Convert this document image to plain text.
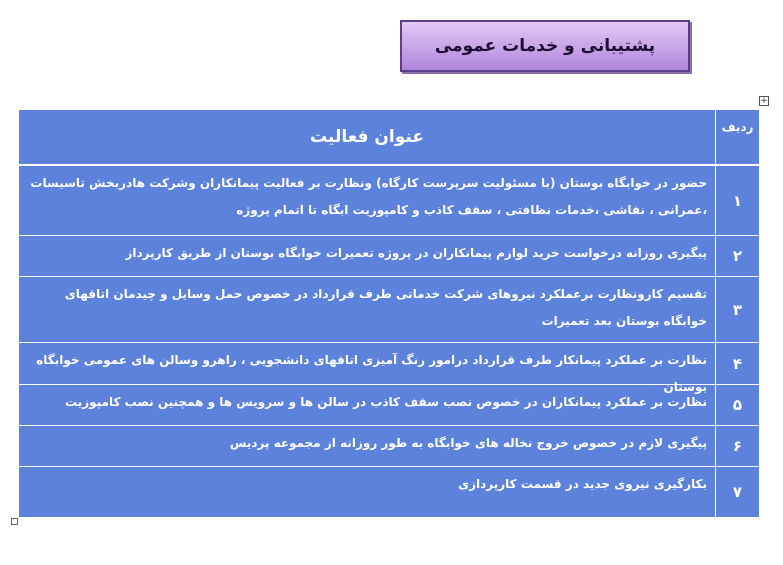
پشتیبانی و خدمات عمومی
+
ردیف
عنوان فعالیت
۱
حضور در خوابگاه بوستان (با مسئولیت سرپرست کارگاه) ونظارت بر فعالیت پیمانکاران وشرکت هادربخش تاسیسات ،عمرانی ، نقاشی ،خدمات نظافتی ، سقف کاذب و کامپوزیت ابگاه تا اتمام پروژه
۲
پیگیری روزانه درخواست خرید لوازم پیمانکاران در پروژه تعمیرات خوابگاه بوستان از طریق کارپرداز
۳
تقسیم کارونظارت برعملکرد نیروهای شرکت خدماتی طرف قرارداد در خصوص حمل وسایل و چیدمان اتاقهای خوابگاه بوستان بعد تعمیرات
۴
نظارت بر عملکرد پیمانکار طرف قرارداد درامور رنگ آمیزی اتاقهای دانشجویی ، راهرو وسالن های عمومی خوابگاه بوستان
۵
نظارت بر عملکرد پیمانکاران در خصوص نصب سقف کاذب در سالن ها و سرویس ها و همچنین نصب کامپوزیت
۶
پیگیری لازم در خصوص خروج نخاله های خوابگاه به طور روزانه از مجموعه پردیس
۷
بکارگیری نیروی جدید در قسمت کارپردازی
